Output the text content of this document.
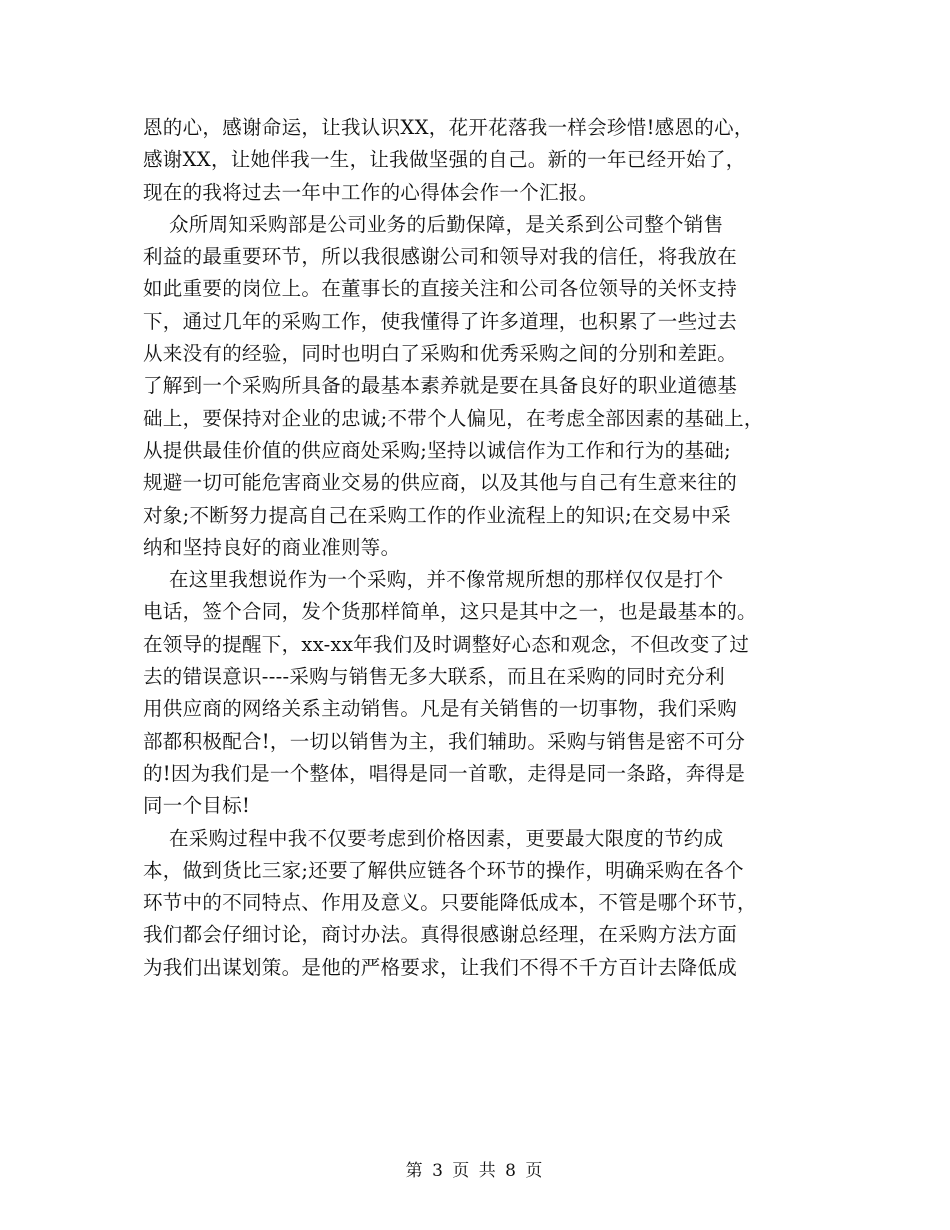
恩的心，感谢命运，让我认识XX，花开花落我一样会珍惜!感恩的心，
感谢XX，让她伴我一生，让我做坚强的自己。新的一年已经开始了，
现在的我将过去一年中工作的心得体会作一个汇报。
众所周知采购部是公司业务的后勤保障，是关系到公司整个销售
利益的最重要环节，所以我很感谢公司和领导对我的信任，将我放在
如此重要的岗位上。在董事长的直接关注和公司各位领导的关怀支持
下，通过几年的采购工作，使我懂得了许多道理，也积累了一些过去
从来没有的经验，同时也明白了采购和优秀采购之间的分别和差距。
了解到一个采购所具备的最基本素养就是要在具备良好的职业道德基
础上，要保持对企业的忠诚;不带个人偏见，在考虑全部因素的基础上，
从提供最佳价值的供应商处采购;坚持以诚信作为工作和行为的基础;
规避一切可能危害商业交易的供应商，以及其他与自己有生意来往的
对象;不断努力提高自己在采购工作的作业流程上的知识;在交易中采
纳和坚持良好的商业准则等。
在这里我想说作为一个采购，并不像常规所想的那样仅仅是打个
电话，签个合同，发个货那样简单，这只是其中之一，也是最基本的。
在领导的提醒下，xx-xx年我们及时调整好心态和观念，不但改变了过
去的错误意识----采购与销售无多大联系，而且在采购的同时充分利
用供应商的网络关系主动销售。凡是有关销售的一切事物，我们采购
部都积极配合!，一切以销售为主，我们辅助。采购与销售是密不可分
的!因为我们是一个整体，唱得是同一首歌，走得是同一条路，奔得是
同一个目标!
在采购过程中我不仅要考虑到价格因素，更要最大限度的节约成
本，做到货比三家;还要了解供应链各个环节的操作，明确采购在各个
环节中的不同特点、作用及意义。只要能降低成本，不管是哪个环节，
我们都会仔细讨论，商讨办法。真得很感谢总经理，在采购方法方面
为我们出谋划策。是他的严格要求，让我们不得不千方百计去降低成
第 3 页 共 8 页
